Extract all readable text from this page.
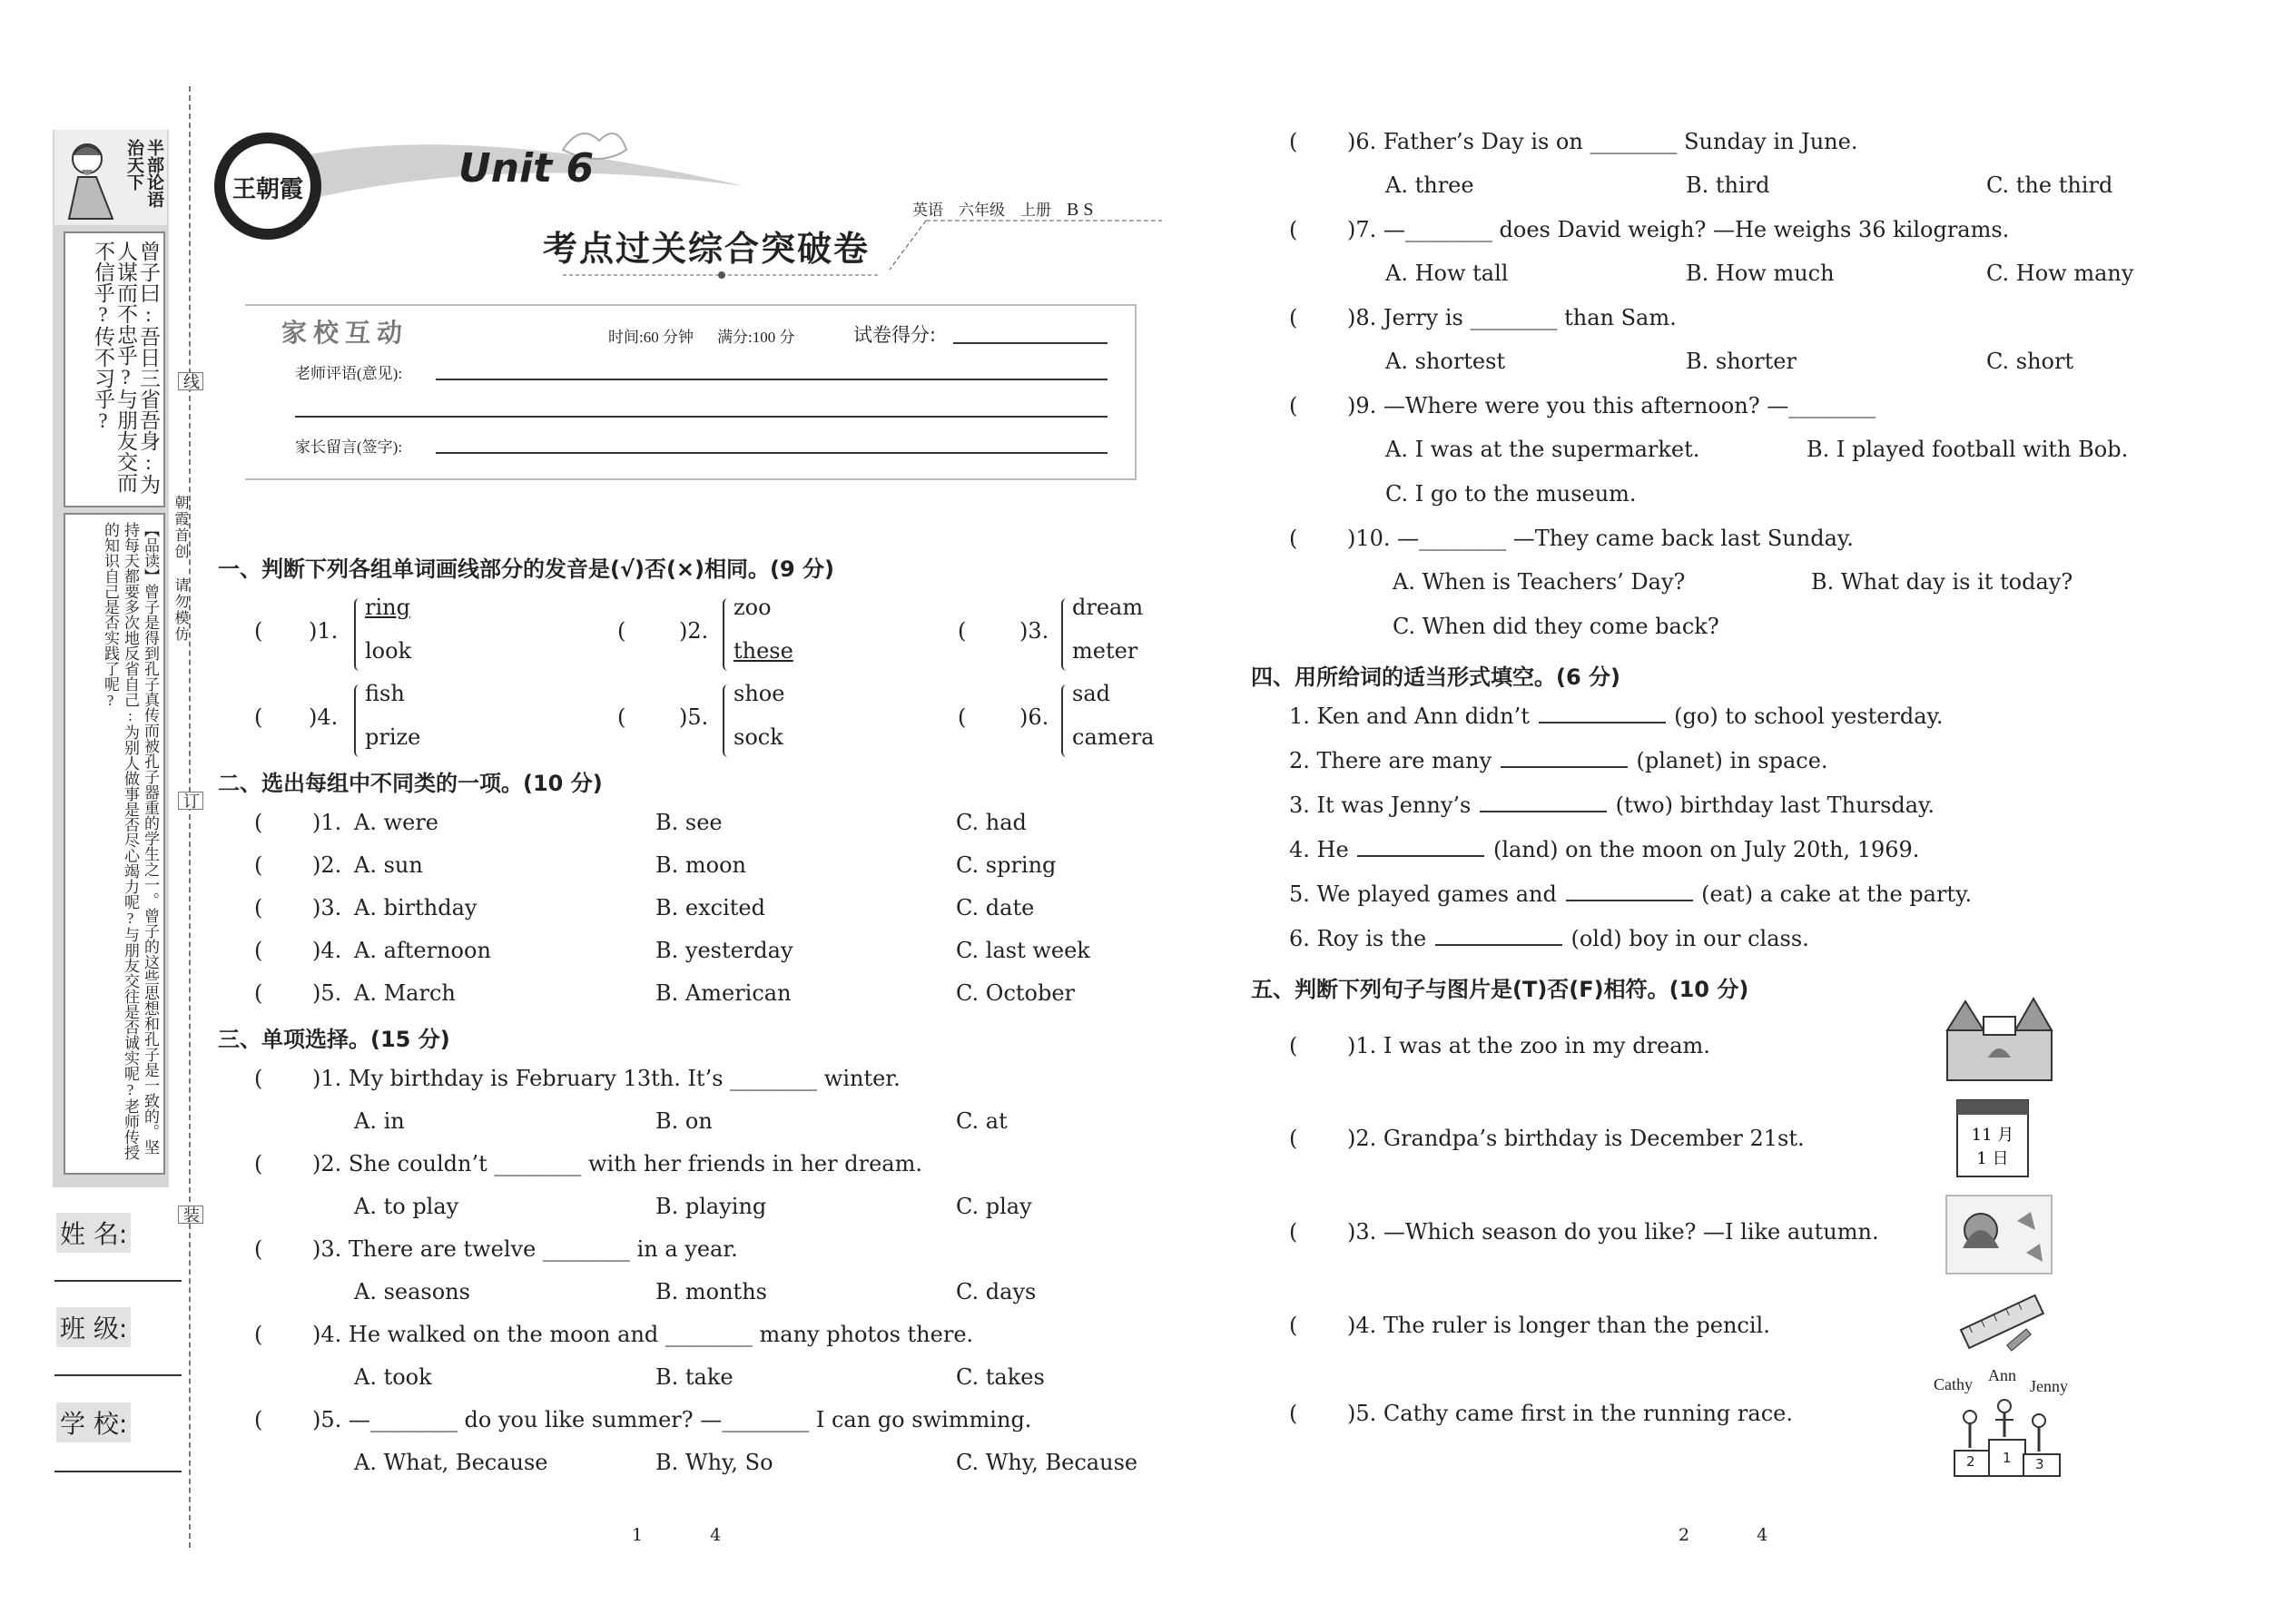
半部论语治天下
曾子曰:吾日三省吾身:为人谋而不忠乎?与朋友交而不信乎?传不习乎?
【品读】曾子是得到孔子真传而被孔子器重的学生之一。曾子的这些思想和孔子是一致的。坚持每天都要多次地反省自己:为别人做事是否尽心竭力呢?与朋友交往是否诚实呢?老师传授的知识自己是否实践了呢?
姓 名:
班 级:
学 校:
线
订
装
朝霞首创 请勿模仿
王朝霞	Unit 6
考点过关综合突破卷
英语 六年级 上册 B S
家 校 互 动	时间:60 分钟 满分:100 分	试卷得分:
老师评语(意见):
家长留言(签字):
一、判断下列各组单词画线部分的发音是(√)否(×)相同。(9 分)
( )1.
ring
look
( )2.
zoo
these
( )3.
dream
meter
( )4.
fish
prize
( )5.
shoe
sock
( )6.
sad
camera
二、选出每组中不同类的一项。(10 分)
( )1. A. were	B. see	C. had
( )2. A. sun	B. moon	C. spring
( )3. A. birthday	B. excited	C. date
( )4. A. afternoon	B. yesterday	C. last week
( )5. A. March	B. American	C. October
三、单项选择。(15 分)
( )1. My birthday is February 13th. It’s ________ winter.
A. in	B. on	C. at
( )2. She couldn’t ________ with her friends in her dream.
A. to play	B. playing	C. play
( )3. There are twelve ________ in a year.
A. seasons	B. months	C. days
( )4. He walked on the moon and ________ many photos there.
A. took	B. take	C. takes
( )5. —________ do you like summer? —________ I can go swimming.
A. What, Because	B. Why, So	C. Why, Because
1	4
( )6. Father’s Day is on ________ Sunday in June.
A. three	B. third	C. the third
( )7. —________ does David weigh? —He weighs 36 kilograms.
A. How tall	B. How much	C. How many
( )8. Jerry is ________ than Sam.
A. shortest	B. shorter	C. short
( )9. —Where were you this afternoon? —________
A. I was at the supermarket.	B. I played football with Bob.
C. I go to the museum.
( )10. —________ —They came back last Sunday.
A. When is Teachers’ Day?	B. What day is it today?
C. When did they come back?
四、用所给词的适当形式填空。(6 分)
1. Ken and Ann didn’t	(go) to school yesterday.
2. There are many	(planet) in space.
3. It was Jenny’s	(two) birthday last Thursday.
4. He	(land) on the moon on July 20th, 1969.
5. We played games and	(eat) a cake at the party.
6. Roy is the	(old) boy in our class.
五、判断下列句子与图片是(T)否(F)相符。(10 分)
( )1. I was at the zoo in my dream.
( )2. Grandpa’s birthday is December 21st.
( )3. —Which season do you like? —I like autumn.
( )4. The ruler is longer than the pencil.
( )5. Cathy came first in the running race.
11 月
1 日
Cathy Ann
Jenny
2 1 3
2	4
